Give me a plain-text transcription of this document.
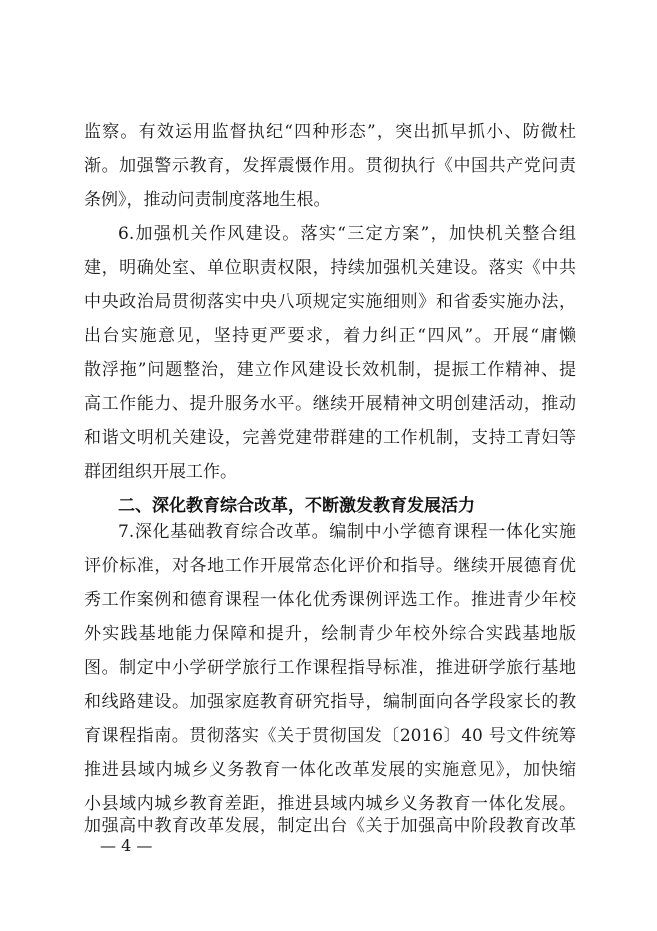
监察。有效运用监督执纪“四种形态”，突出抓早抓小、防微杜
渐。加强警示教育，发挥震慑作用。贯彻执行《中国共产党问责
条例》，推动问责制度落地生根。
6.加强机关作风建设。落实“三定方案”，加快机关整合组
建，明确处室、单位职责权限，持续加强机关建设。落实《中共
中央政治局贯彻落实中央八项规定实施细则》和省委实施办法，
出台实施意见，坚持更严要求，着力纠正“四风”。开展“庸懒
散浮拖”问题整治，建立作风建设长效机制，提振工作精神、提
高工作能力、提升服务水平。继续开展精神文明创建活动，推动
和谐文明机关建设，完善党建带群建的工作机制，支持工青妇等
群团组织开展工作。
二、深化教育综合改革，不断激发教育发展活力
7.深化基础教育综合改革。编制中小学德育课程一体化实施
评价标准，对各地工作开展常态化评价和指导。继续开展德育优
秀工作案例和德育课程一体化优秀课例评选工作。推进青少年校
外实践基地能力保障和提升，绘制青少年校外综合实践基地版
图。制定中小学研学旅行工作课程指导标准，推进研学旅行基地
和线路建设。加强家庭教育研究指导，编制面向各学段家长的教
育课程指南。贯彻落实《关于贯彻国发〔2016〕40 号文件统筹
推进县域内城乡义务教育一体化改革发展的实施意见》，加快缩
小县域内城乡教育差距，推进县域内城乡义务教育一体化发展。
— 4 —
加强高中教育改革发展，制定出台《关于加强高中阶段教育改革
